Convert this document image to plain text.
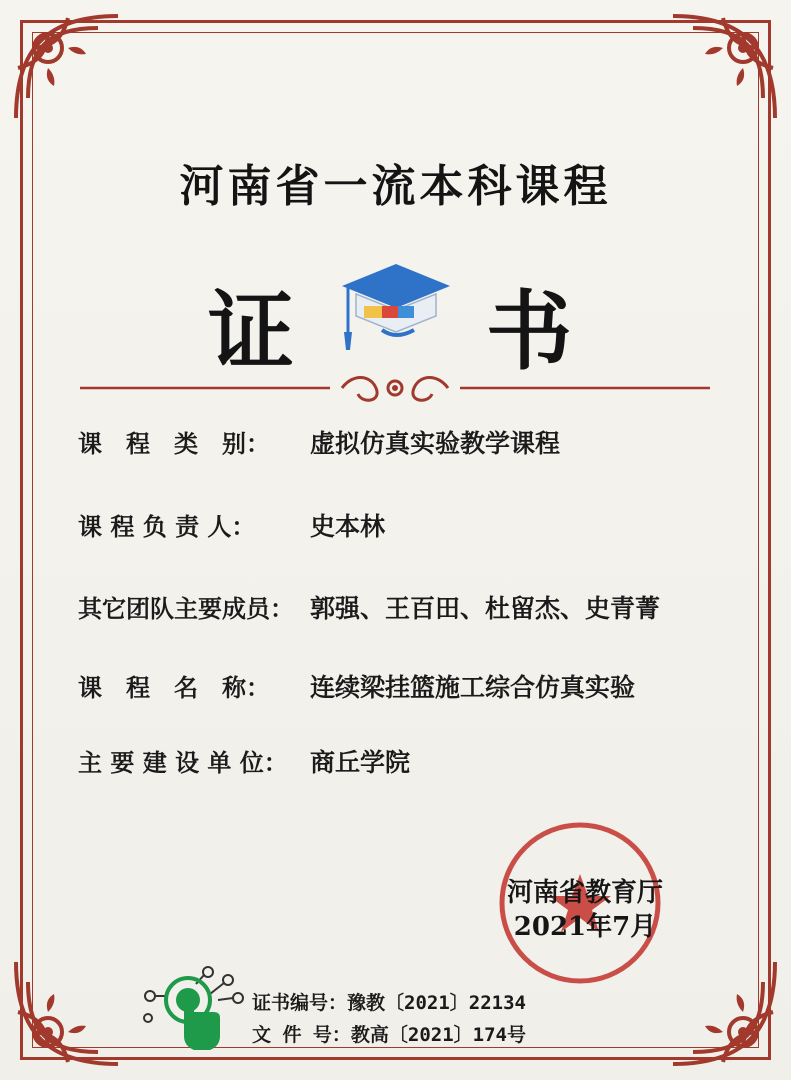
河南省一流本科课程
证 书
课　程　类　别： 虚拟仿真实验教学课程
课 程 负 责 人： 史本林
其它团队主要成员： 郭强、王百田、杜留杰、史青菁
课　程　名　称： 连续梁挂篮施工综合仿真实验
主 要 建 设 单 位： 商丘学院
河南省教育厅
2021年7月
证书编号：豫教〔2021〕22134
文 件 号：教高〔2021〕174号
